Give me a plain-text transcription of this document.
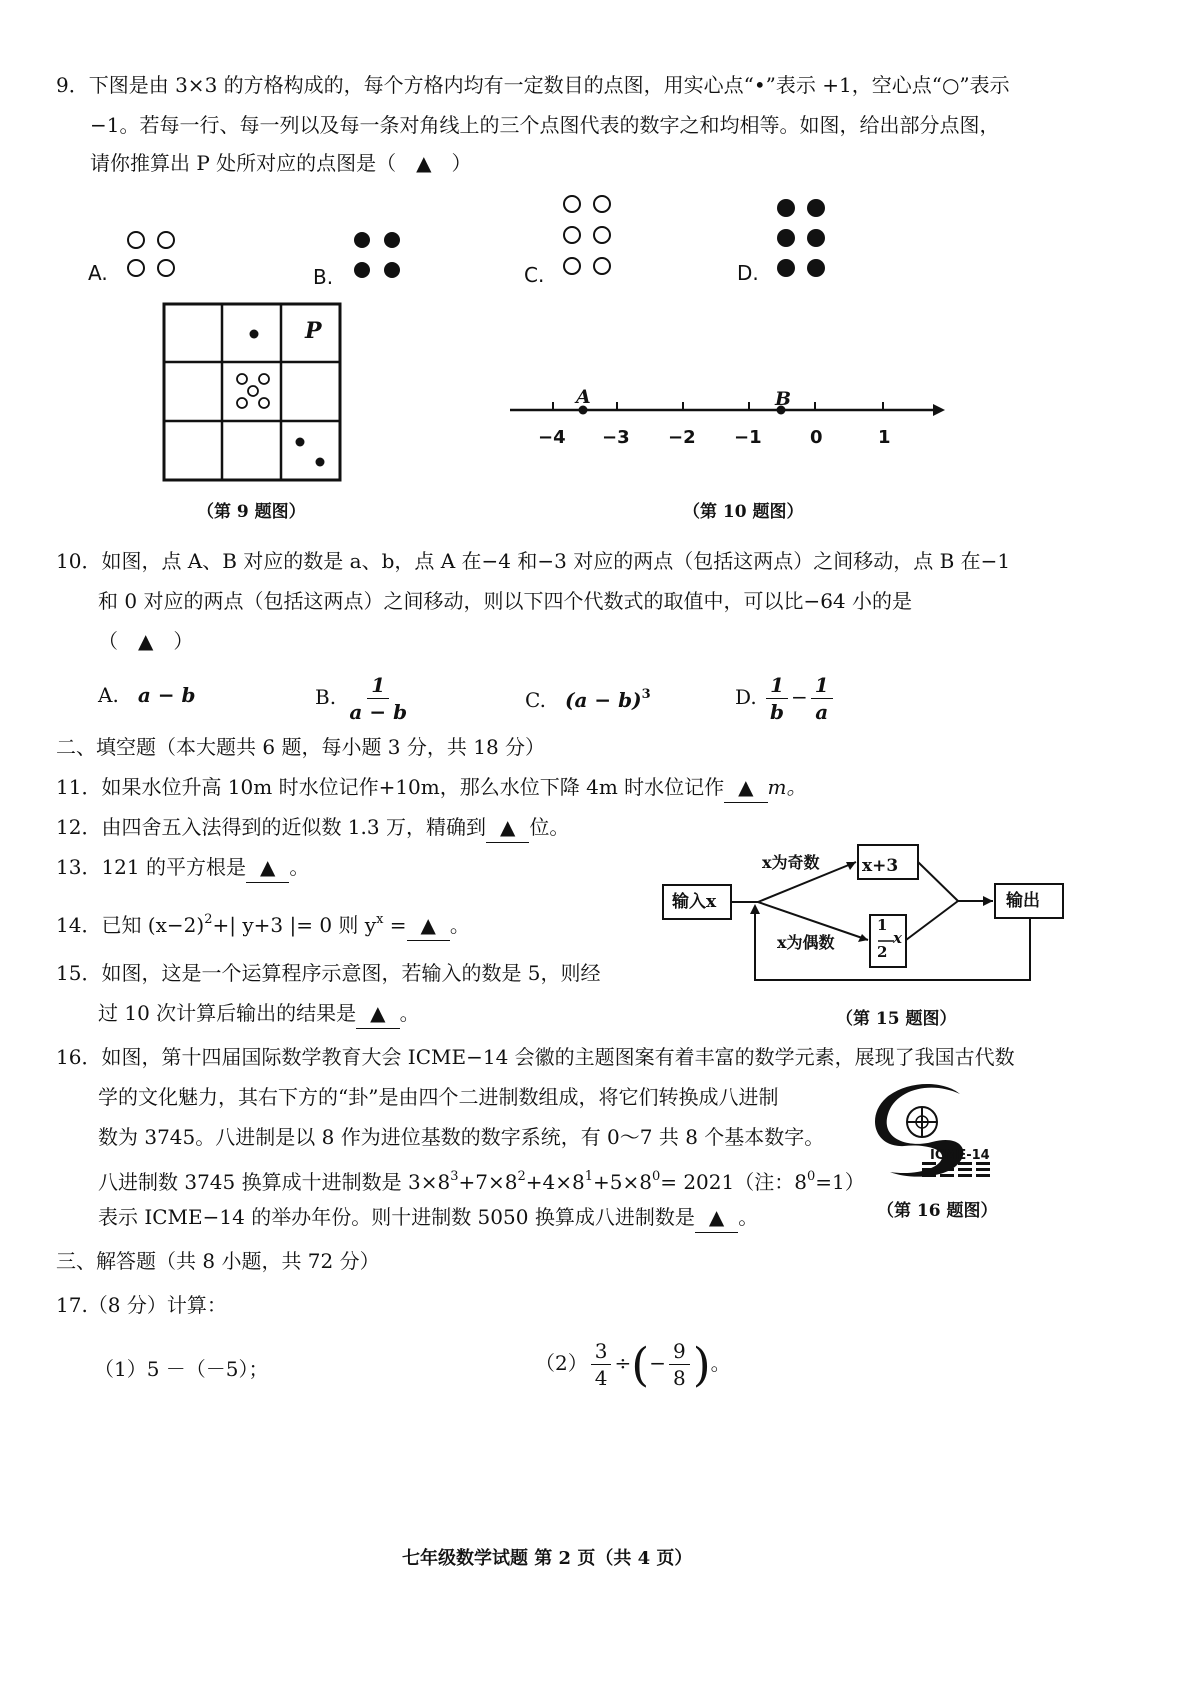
9．下图是由 3×3 的方格构成的，每个方格内均有一定数目的点图，用实心点“•”表示 +1，空心点“○”表示
−1。若每一行、每一列以及每一条对角线上的三个点图代表的数字之和均相等。如图，给出部分点图，
请你推算出 P 处所对应的点图是（　▲　）
A.	B.	C.	D.
P
（第 9 题图）
−4 −3 −2 −1	0	1
A	B
（第 10 题图）
10．如图，点 A、B 对应的数是 a、b，点 A 在−4 和−3 对应的两点（包括这两点）之间移动，点 B 在−1
和 0 对应的两点（包括这两点）之间移动，则以下四个代数式的取值中，可以比−64 小的是
（　▲　）
A. a − b	B. $\frac{1}{a - b}$	C. $(a - b)^3$	D. $\frac{1}{b} - \frac{1}{a}$
二、填空题（本大题共 6 题，每小题 3 分，共 18 分）
11．如果水位升高 10m 时水位记作+10m，那么水位下降 4m 时水位记作 ▲ m。
12．由四舍五入法得到的近似数 1.3 万，精确到 ▲ 位。
13．121 的平方根是 ▲ 。
14．已知 $(x-2)^2+|$ y+3 |= 0 则 $y^x$ = ▲ 。
15．如图，这是一个运算程序示意图，若输入的数是 5，则经
过 10 次计算后输出的结果是 ▲ 。
输入x
x为奇数 x+3
x为偶数
1
2
x
输出
（第 15 题图）
16．如图，第十四届国际数学教育大会 ICME−14 会徽的主题图案有着丰富的数学元素，展现了我国古代数
学的文化魅力，其右下方的“卦”是由四个二进制数组成，将它们转换成八进制
数为 3745。八进制是以 8 作为进位基数的数字系统，有 0～7 共 8 个基本数字。
八进制数 3745 换算成十进制数是 $3\times 8^3+7\times 8^2+4\times 8^1+5\times 8^0= 2021$（注：$8^0=1$）
表示 ICME−14 的举办年份。则十进制数 5050 换算成八进制数是 ▲ 。
ICME-14
（第 16 题图）
三、解答题（共 8 小题，共 72 分）
17.（8 分）计算：
（1）5 －（－5）；	$(2) \frac{3}{4}$ ÷(− $\frac{9}{8}$ )。
七年级数学试题 第 2 页（共 4 页）
